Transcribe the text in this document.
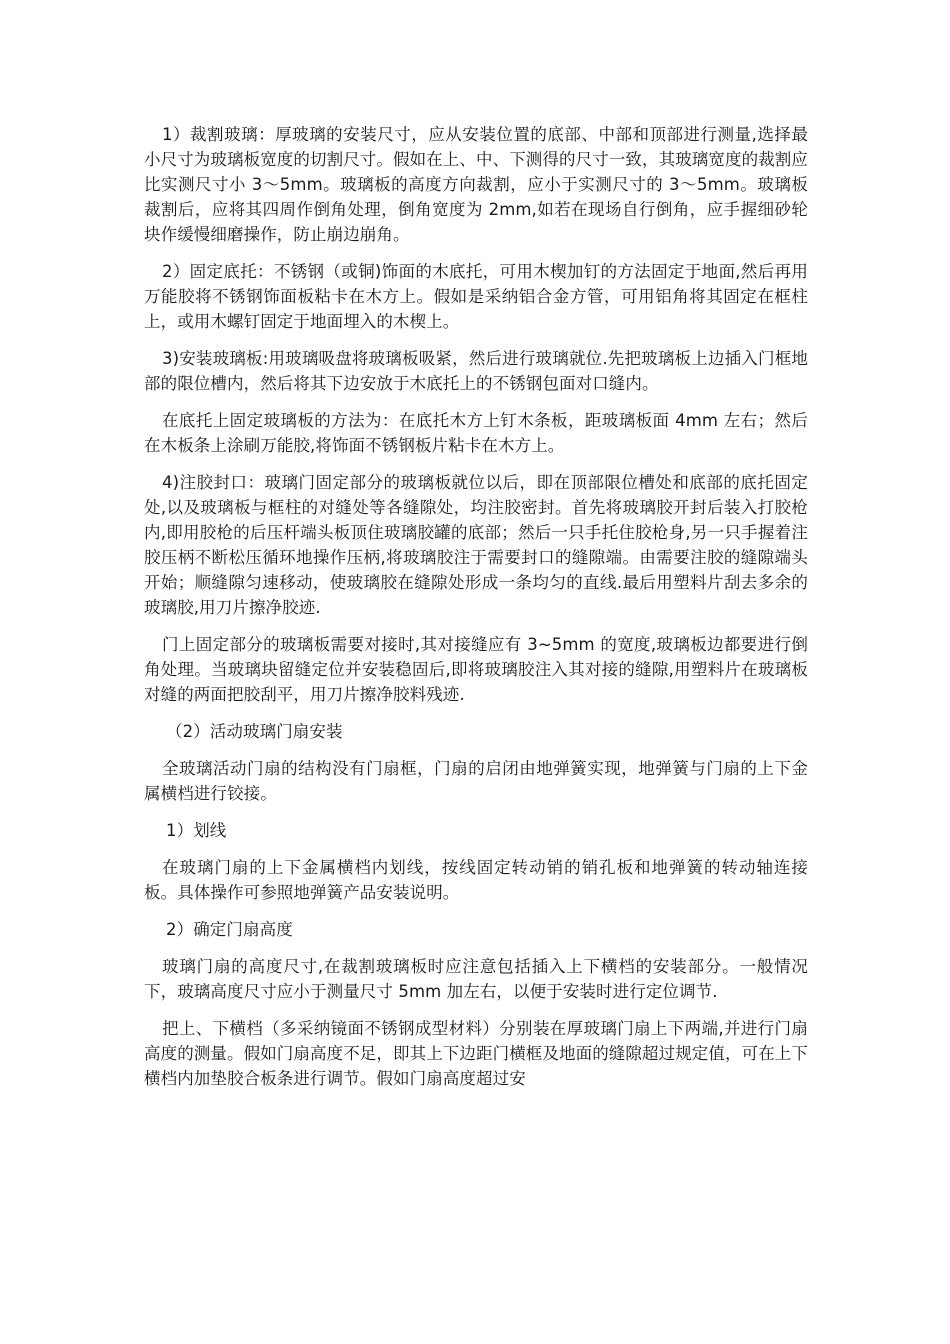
1）裁割玻璃：厚玻璃的安装尺寸，应从安装位置的底部、中部和顶部进行测量,选择最小尺寸为玻璃板宽度的切割尺寸。假如在上、中、下测得的尺寸一致，其玻璃宽度的裁割应比实测尺寸小 3～5mm。玻璃板的高度方向裁割，应小于实测尺寸的 3～5mm。玻璃板裁割后，应将其四周作倒角处理，倒角宽度为 2mm,如若在现场自行倒角，应手握细砂轮块作缓慢细磨操作，防止崩边崩角。

2）固定底托：不锈钢（或铜)饰面的木底托，可用木楔加钉的方法固定于地面,然后再用万能胶将不锈钢饰面板粘卡在木方上。假如是采纳铝合金方管，可用铝角将其固定在框柱上，或用木螺钉固定于地面埋入的木楔上。

3)安装玻璃板:用玻璃吸盘将玻璃板吸紧，然后进行玻璃就位.先把玻璃板上边插入门框地部的限位槽内，然后将其下边安放于木底托上的不锈钢包面对口缝内。

在底托上固定玻璃板的方法为：在底托木方上钉木条板，距玻璃板面 4mm 左右；然后在木板条上涂刷万能胶,将饰面不锈钢板片粘卡在木方上。

4)注胶封口：玻璃门固定部分的玻璃板就位以后，即在顶部限位槽处和底部的底托固定处,以及玻璃板与框柱的对缝处等各缝隙处，均注胶密封。首先将玻璃胶开封后装入打胶枪内,即用胶枪的后压杆端头板顶住玻璃胶罐的底部；然后一只手托住胶枪身,另一只手握着注胶压柄不断松压循环地操作压柄,将玻璃胶注于需要封口的缝隙端。由需要注胶的缝隙端头开始；顺缝隙匀速移动，使玻璃胶在缝隙处形成一条均匀的直线.最后用塑料片刮去多余的玻璃胶,用刀片擦净胶迹.

门上固定部分的玻璃板需要对接时,其对接缝应有 3~5mm 的宽度,玻璃板边都要进行倒角处理。当玻璃块留缝定位并安装稳固后,即将玻璃胶注入其对接的缝隙,用塑料片在玻璃板对缝的两面把胶刮平，用刀片擦净胶料残迹.

（2）活动玻璃门扇安装

全玻璃活动门扇的结构没有门扇框，门扇的启闭由地弹簧实现，地弹簧与门扇的上下金属横档进行铰接。

1）划线

在玻璃门扇的上下金属横档内划线，按线固定转动销的销孔板和地弹簧的转动轴连接板。具体操作可参照地弹簧产品安装说明。

2）确定门扇高度

玻璃门扇的高度尺寸,在裁割玻璃板时应注意包括插入上下横档的安装部分。一般情况下，玻璃高度尺寸应小于测量尺寸 5mm 加左右，以便于安装时进行定位调节.

把上、下横档（多采纳镜面不锈钢成型材料）分别装在厚玻璃门扇上下两端,并进行门扇高度的测量。假如门扇高度不足，即其上下边距门横框及地面的缝隙超过规定值，可在上下横档内加垫胶合板条进行调节。假如门扇高度超过安
